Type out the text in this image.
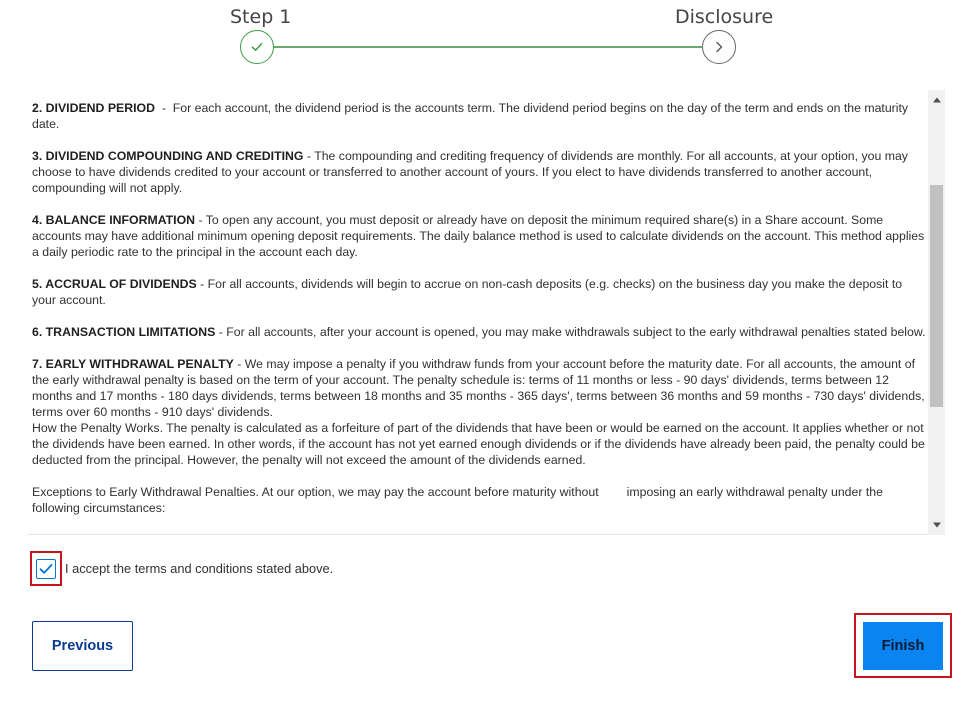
Step 1	Disclosure

2. DIVIDEND PERIOD  -  For each account, the dividend period is the accounts term. The dividend period begins on the day of the term and ends on the maturity date.

3. DIVIDEND COMPOUNDING AND CREDITING - The compounding and crediting frequency of dividends are monthly. For all accounts, at your option, you may choose to have dividends credited to your account or transferred to another account of yours. If you elect to have dividends transferred to another account, compounding will not apply.

4. BALANCE INFORMATION - To open any account, you must deposit or already have on deposit the minimum required share(s) in a Share account. Some accounts may have additional minimum opening deposit requirements. The daily balance method is used to calculate dividends on the account. This method applies a daily periodic rate to the principal in the account each day.

5. ACCRUAL OF DIVIDENDS - For all accounts, dividends will begin to accrue on non-cash deposits (e.g. checks) on the business day you make the deposit to your account.

6. TRANSACTION LIMITATIONS - For all accounts, after your account is opened, you may make withdrawals subject to the early withdrawal penalties stated below.

7. EARLY WITHDRAWAL PENALTY - We may impose a penalty if you withdraw funds from your account before the maturity date. For all accounts, the amount of the early withdrawal penalty is based on the term of your account. The penalty schedule is: terms of 11 months or less - 90 days' dividends, terms between 12 months and 17 months - 180 days dividends, terms between 18 months and 35 months - 365 days', terms between 36 months and 59 months - 730 days' dividends, terms over 60 months - 910 days' dividends.

How the Penalty Works. The penalty is calculated as a forfeiture of part of the dividends that have been or would be earned on the account. It applies whether or not the dividends have been earned. In other words, if the account has not yet earned enough dividends or if the dividends have already been paid, the penalty could be deducted from the principal. However, the penalty will not exceed the amount of the dividends earned.

Exceptions to Early Withdrawal Penalties. At our option, we may pay the account before maturity without imposing an early withdrawal penalty under the following circumstances:

I accept the terms and conditions stated above.
Previous	Finish
